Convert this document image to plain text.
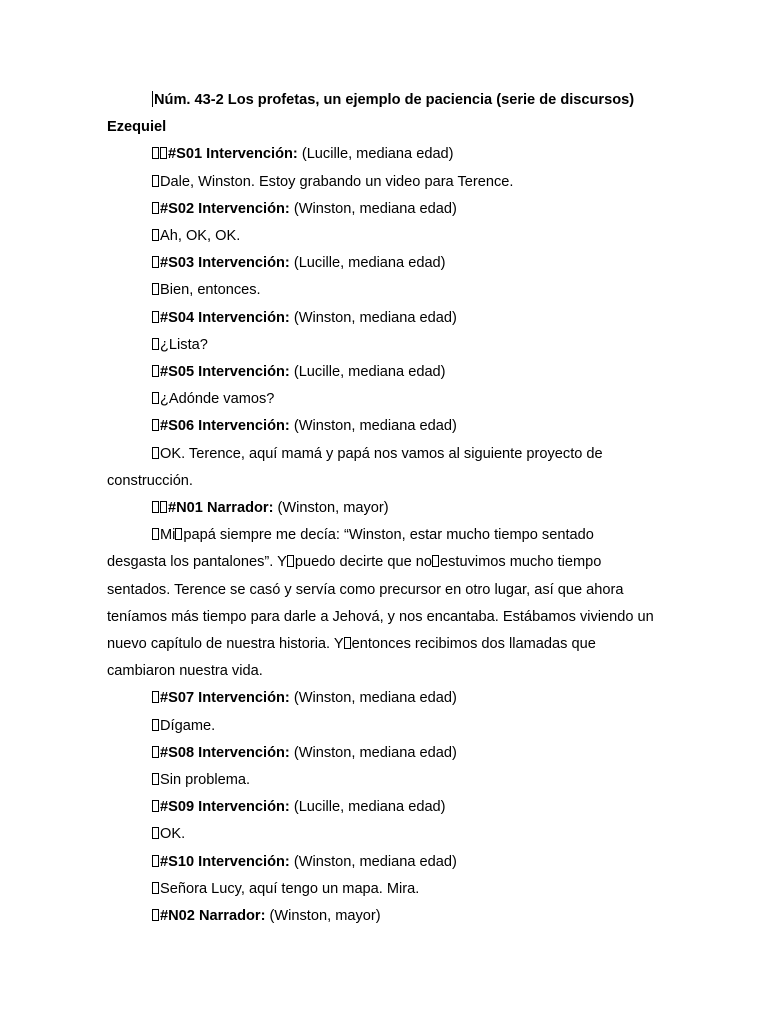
Núm. 43-2 Los profetas, un ejemplo de paciencia (serie de discursos)

Ezequiel

#S01 Intervención: (Lucille, mediana edad)

Dale, Winston. Estoy grabando un video para Terence.

#S02 Intervención: (Winston, mediana edad)

Ah, OK, OK.

#S03 Intervención: (Lucille, mediana edad)

Bien, entonces.

#S04 Intervención: (Winston, mediana edad)

¿Lista?

#S05 Intervención: (Lucille, mediana edad)

¿Adónde vamos?

#S06 Intervención: (Winston, mediana edad)

OK. Terence, aquí mamá y papá nos vamos al siguiente proyecto de construcción.

#N01 Narrador: (Winston, mayor)

Mi papá siempre me decía: “Winston, estar mucho tiempo sentado desgasta los pantalones”. Y puedo decirte que no estuvimos mucho tiempo sentados. Terence se casó y servía como precursor en otro lugar, así que ahora teníamos más tiempo para darle a Jehová, y nos encantaba. Estábamos viviendo un nuevo capítulo de nuestra historia. Y entonces recibimos dos llamadas que cambiaron nuestra vida.

#S07 Intervención: (Winston, mediana edad)

Dígame.

#S08 Intervención: (Winston, mediana edad)

Sin problema.

#S09 Intervención: (Lucille, mediana edad)

OK.

#S10 Intervención: (Winston, mediana edad)

Señora Lucy, aquí tengo un mapa. Mira.

#N02 Narrador: (Winston, mayor)
